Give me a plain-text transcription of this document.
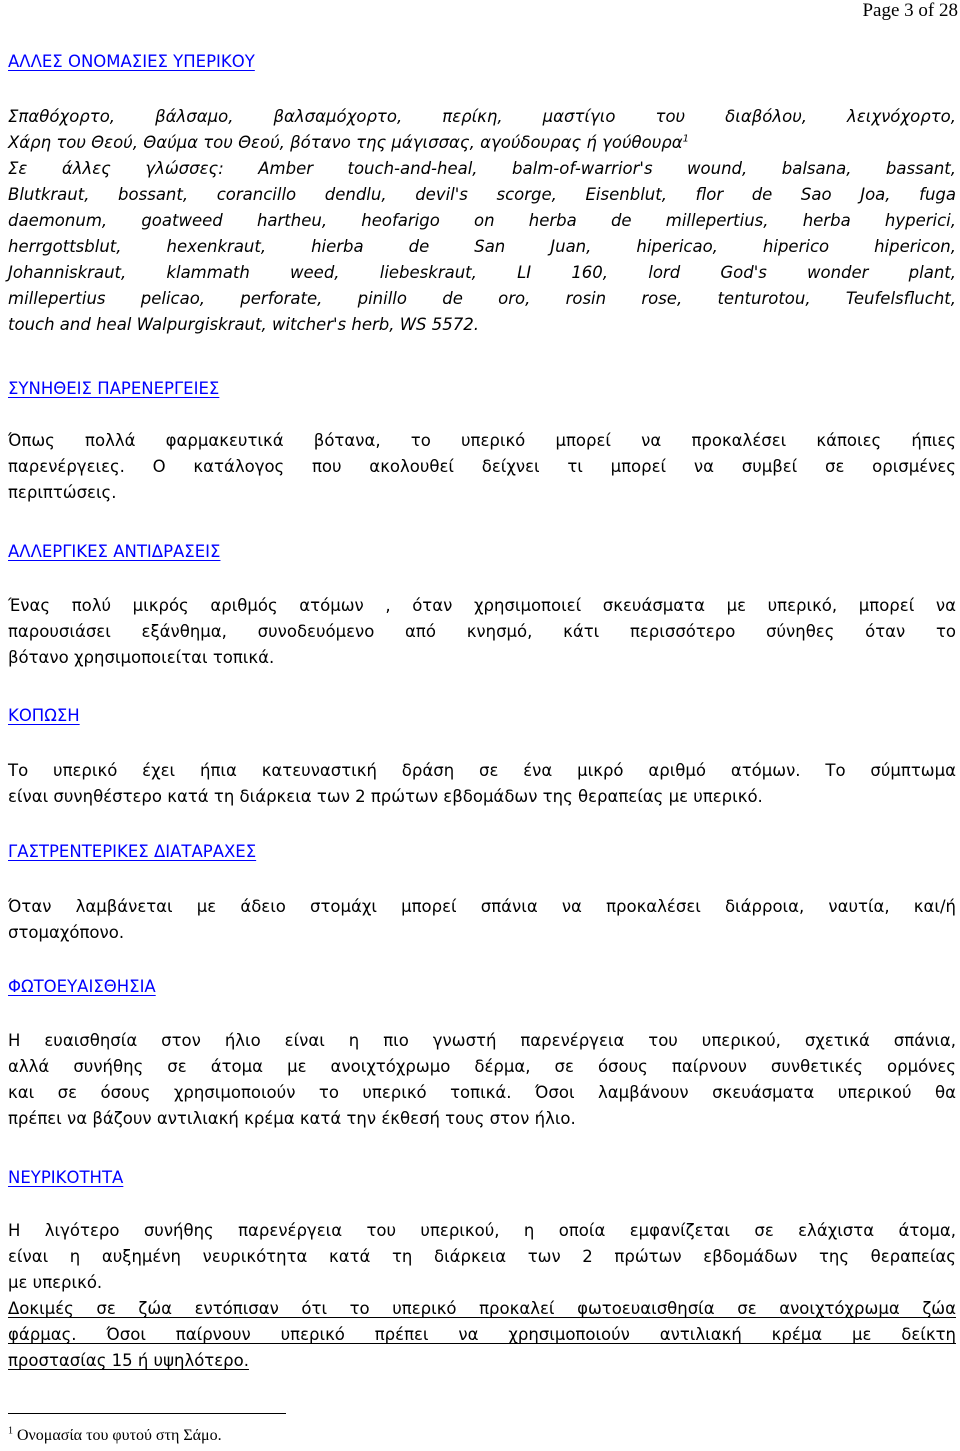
Page 3 of 28
ΑΛΛΕΣ ΟΝΟΜΑΣΙΕΣ ΥΠΕΡΙΚΟΥ
Σπαθόχορτο, βάλσαμο, βαλσαμόχορτο, περίκη, μαστίγιο του διαβόλου, λειχνόχορτο,
Χάρη του Θεού, Θαύμα του Θεού, βότανο της μάγισσας, αγούδουρας ή γούθουρα$^1$
Σε άλλες γλώσσες: Amber touch-and-heal, balm-of-warrior's wound, balsana, bassant,
Blutkraut, bossant, corancillo dendlu, devil's scorge, Eisenblut, flor de Sao Joa, fuga
daemonum, goatweed hartheu, heofarigo on herba de millepertius, herba hyperici,
herrgottsblut, hexenkraut, hierba de San Juan, hipericao, hiperico hipericon,
Johanniskraut, klammath weed, liebeskraut, LI 160, lord God's wonder plant,
millepertius pelicao, perforate, pinillo de oro, rosin rose, tenturotou, Teufelsflucht,
touch and heal Walpurgiskraut, witcher's herb, WS 5572.
ΣΥΝΗΘΕΙΣ ΠΑΡΕΝΕΡΓΕΙΕΣ
Όπως πολλά φαρμακευτικά βότανα, το υπερικό μπορεί να προκαλέσει κάποιες ήπιες
παρενέργειες. Ο κατάλογος που ακολουθεί δείχνει τι μπορεί να συμβεί σε ορισμένες
περιπτώσεις.
ΑΛΛΕΡΓΙΚΕΣ ΑΝΤΙΔΡΑΣΕΙΣ
Ένας πολύ μικρός αριθμός ατόμων , όταν χρησιμοποιεί σκευάσματα με υπερικό, μπορεί να
παρουσιάσει εξάνθημα, συνοδευόμενο από κνησμό, κάτι περισσότερο σύνηθες όταν το
βότανο χρησιμοποιείται τοπικά.
ΚΟΠΩΣΗ
Το υπερικό έχει ήπια κατευναστική δράση σε ένα μικρό αριθμό ατόμων. Το σύμπτωμα
είναι συνηθέστερο κατά τη διάρκεια των 2 πρώτων εβδομάδων της θεραπείας με υπερικό.
ΓΑΣΤΡΕΝΤΕΡΙΚΕΣ ΔΙΑΤΑΡΑΧΕΣ
Όταν λαμβάνεται με άδειο στομάχι μπορεί σπάνια να προκαλέσει διάρροια, ναυτία, και/ή
στομαχόπονο.
ΦΩΤΟΕΥΑΙΣΘΗΣΙΑ
Η ευαισθησία στον ήλιο είναι η πιο γνωστή παρενέργεια του υπερικού, σχετικά σπάνια,
αλλά συνήθης σε άτομα με ανοιχτόχρωμο δέρμα, σε όσους παίρνουν συνθετικές ορμόνες
και σε όσους χρησιμοποιούν το υπερικό τοπικά. Όσοι λαμβάνουν σκευάσματα υπερικού θα
πρέπει να βάζουν αντιλιακή κρέμα κατά την έκθεσή τους στον ήλιο.
ΝΕΥΡΙΚΟΤΗΤΑ
Η λιγότερο συνήθης παρενέργεια του υπερικού, η οποία εμφανίζεται σε ελάχιστα άτομα,
είναι η αυξημένη νευρικότητα κατά τη διάρκεια των 2 πρώτων εβδομάδων της θεραπείας
με υπερικό.
Δοκιμές σε ζώα εντόπισαν ότι το υπερικό προκαλεί φωτοευαισθησία σε ανοιχτόχρωμα ζώα
φάρμας. Όσοι παίρνουν υπερικό πρέπει να χρησιμοποιούν αντιλιακή κρέμα με δείκτη
προστασίας 15 ή υψηλότερο.
$^1$ Ονομασία του φυτού στη Σάμο.
